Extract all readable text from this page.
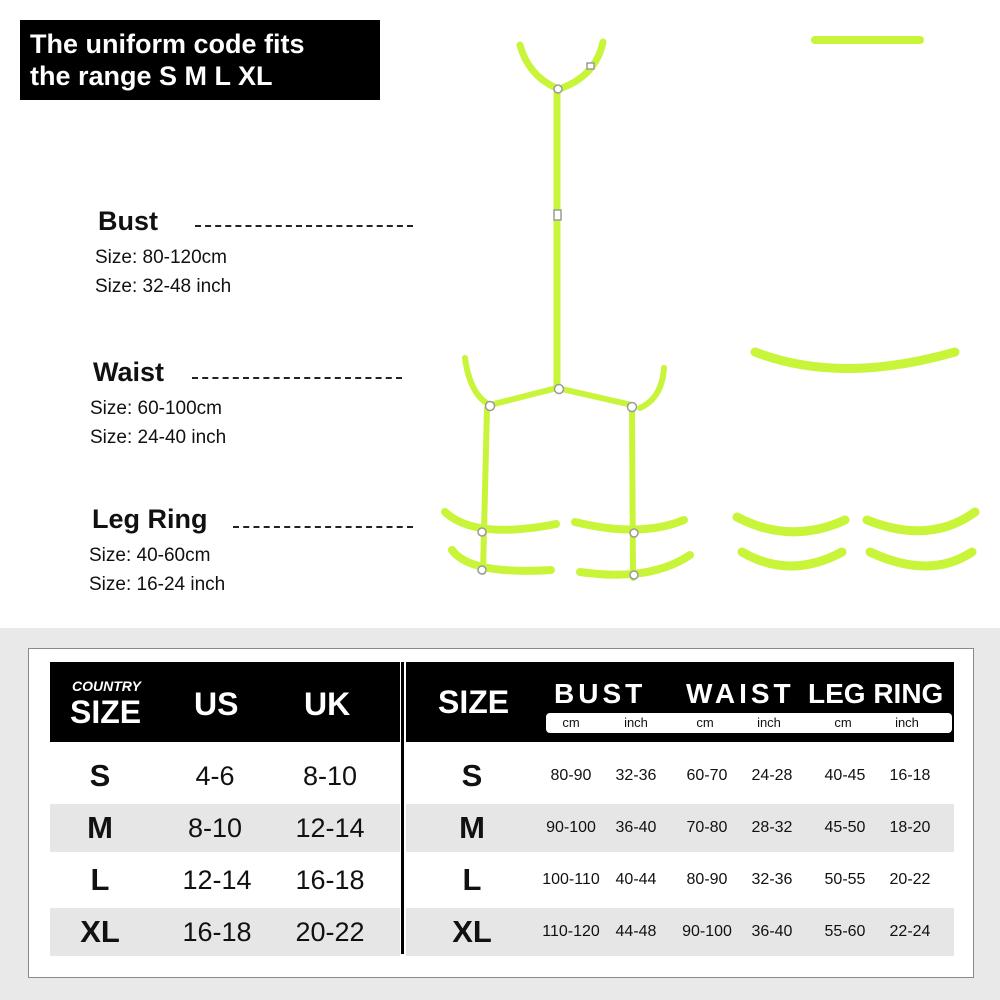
The uniform code fits
the range S M L XL
Bust
Size: 80-120cm
Size: 32-48 inch
Waist
Size: 60-100cm
Size: 24-40 inch
Leg Ring
Size: 40-60cm
Size: 16-24 inch
COUNTRY
SIZE US UK	SIZE BUST WAIST LEG RING
cm	inch	cm	inch	cm	inch
S	4-6	8-10
M	8-10	12-14
L	12-14	16-18
XL	16-18	20-22
S	80-90	32-36	60-70	24-28	40-45	16-18
M	90-100	36-40	70-80	28-32	45-50	18-20
L	100-110 40-44	80-90	32-36	50-55	20-22
XL	110-120 44-48	90-100	36-40	55-60	22-24
